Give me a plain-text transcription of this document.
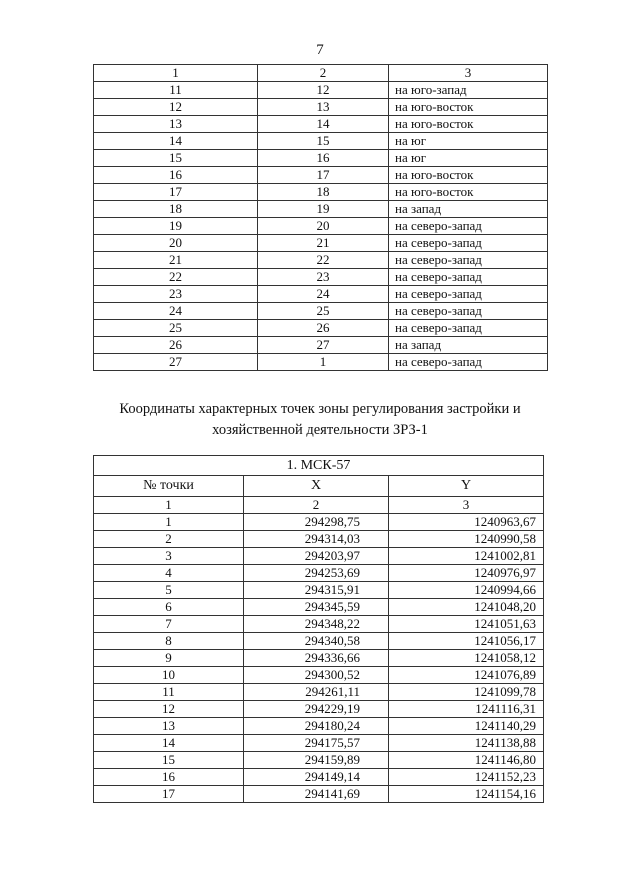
7
1	2	3
11	12	на юго-запад
12	13	на юго-восток
13	14	на юго-восток
14	15	на юг
15	16	на юг
16	17	на юго-восток
17	18	на юго-восток
18	19	на запад
19	20	на северо-запад
20	21	на северо-запад
21	22	на северо-запад
22	23	на северо-запад
23	24	на северо-запад
24	25	на северо-запад
25	26	на северо-запад
26	27	на запад
27	1	на северо-запад
Координаты характерных точек зоны регулирования застройки и
хозяйственной деятельности ЗРЗ-1
1. МСК-57		
№ точки	X	Y
1	2	3
1	294298,75	1240963,67
2	294314,03	1240990,58
3	294203,97	1241002,81
4	294253,69	1240976,97
5	294315,91	1240994,66
6	294345,59	1241048,20
7	294348,22	1241051,63
8	294340,58	1241056,17
9	294336,66	1241058,12
10	294300,52	1241076,89
11	294261,11	1241099,78
12	294229,19	1241116,31
13	294180,24	1241140,29
14	294175,57	1241138,88
15	294159,89	1241146,80
16	294149,14	1241152,23
17	294141,69	1241154,16
